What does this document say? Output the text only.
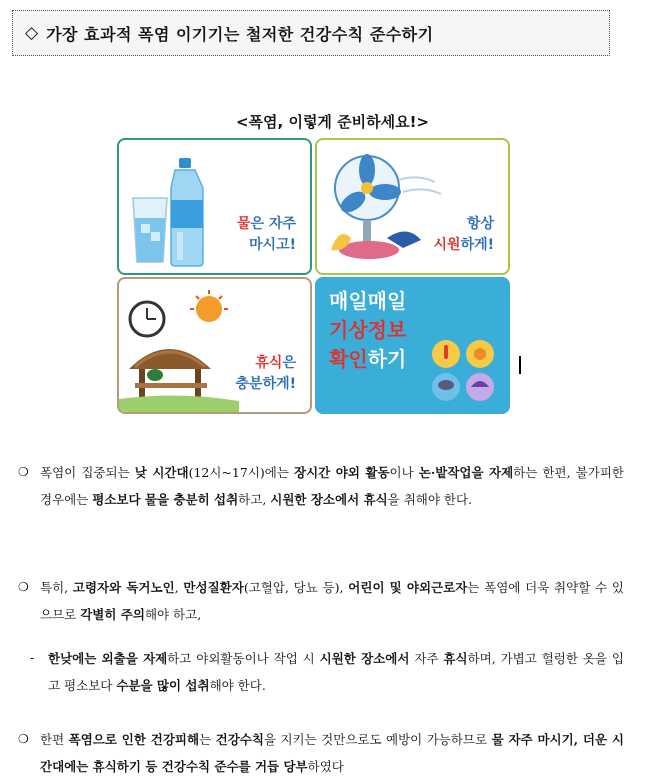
◇ 가장 효과적 폭염 이기기는 철저한 건강수칙 준수하기
<폭염, 이렇게 준비하세요!>
물은 자주
마시고!
항상
시원하게!
휴식은
충분하게!
매일매일
기상정보
확인하기
❍ 폭염이 집중되는 낮 시간대(12시~17시)에는 장시간 야외 활동이나 논·밭작업을 자제하는 한편, 불가피한 경우에는 평소보다 물을 충분히 섭취하고, 시원한 장소에서 휴식을 취해야 한다.
❍ 특히, 고령자와 독거노인, 만성질환자(고혈압, 당뇨 등), 어린이 및 야외근로자는 폭염에 더욱 취약할 수 있으므로 각별히 주의해야 하고,
- 한낮에는 외출을 자제하고 야외활동이나 작업 시 시원한 장소에서 자주 휴식하며, 가볍고 헐렁한 옷을 입고 평소보다 수분을 많이 섭취해야 한다.
❍ 한편 폭염으로 인한 건강피해는 건강수칙을 지키는 것만으로도 예방이 가능하므로 물 자주 마시기, 더운 시간대에는 휴식하기 등 건강수칙 준수를 거듭 당부하였다
